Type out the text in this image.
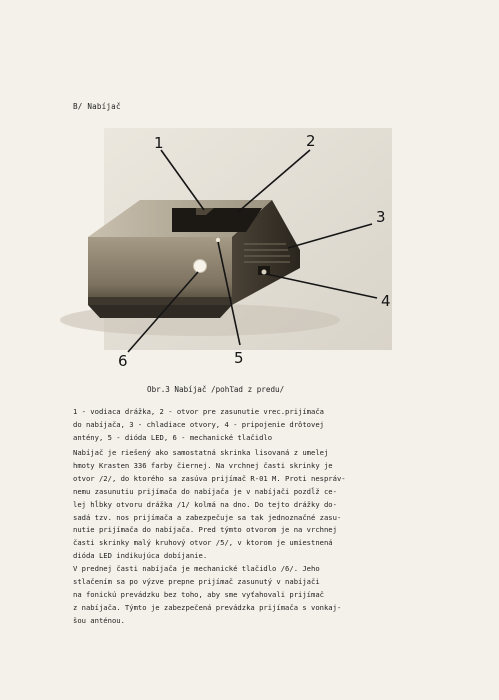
B/ Nabíjač
1	2
3
4
5
6
Obr.3 Nabíjač /pohľad z predu/
1 - vodiaca drážka, 2 - otvor pre zasunutie vrec.prijímača
do nabíjača, 3 - chladiace otvory, 4 - pripojenie drôtovej
antény, 5 - dióda LED, 6 - mechanické tlačidlo
Nabíjač je riešený ako samostatná skrinka lisovaná z umelej
hmoty Krasten 336 farby čiernej. Na vrchnej časti skrinky je
otvor /2/, do ktorého sa zasúva prijímač R-01 M. Proti nespráv-
nemu zasunutiu prijímača do nabíjača je v nabíjači pozdĺž ce-
lej hĺbky otvoru drážka /1/ kolmá na dno. Do tejto drážky do-
sadá tzv. nos prijímača a zabezpečuje sa tak jednoznačné zasu-
nutie prijímača do nabíjača. Pred týmto otvorom je na vrchnej
časti skrinky malý kruhový otvor /5/, v ktorom je umiestnená
dióda LED indikujúca dobíjanie.
V prednej časti nabíjača je mechanické tlačidlo /6/. Jeho
stlačením sa po výzve prepne prijímač zasunutý v nabíjači
na fonickú prevádzku bez toho, aby sme vyťahovali prijímač
z nabíjača. Týmto je zabezpečená prevádzka prijímača s vonkaj-
šou anténou.
